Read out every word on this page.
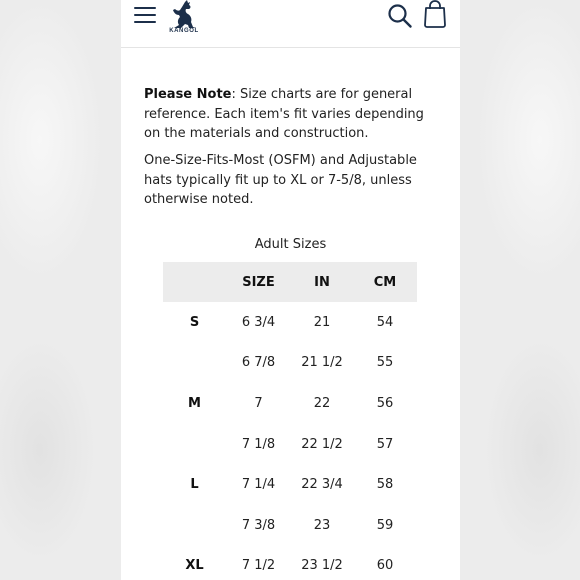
KANGOL

Please Note: Size charts are for general reference. Each item's fit varies depending on the materials and construction.

One-Size-Fits-Most (OSFM) and Adjustable hats typically fit up to XL or 7-5/8, unless otherwise noted.

Adult Sizes
	SIZE	IN	CM
S	6 3/4	21	54
	6 7/8	21 1/2	55
M	7	22	56
	7 1/8	22 1/2	57
L	7 1/4	22 3/4	58
	7 3/8	23	59
XL	7 1/2	23 1/2	60
